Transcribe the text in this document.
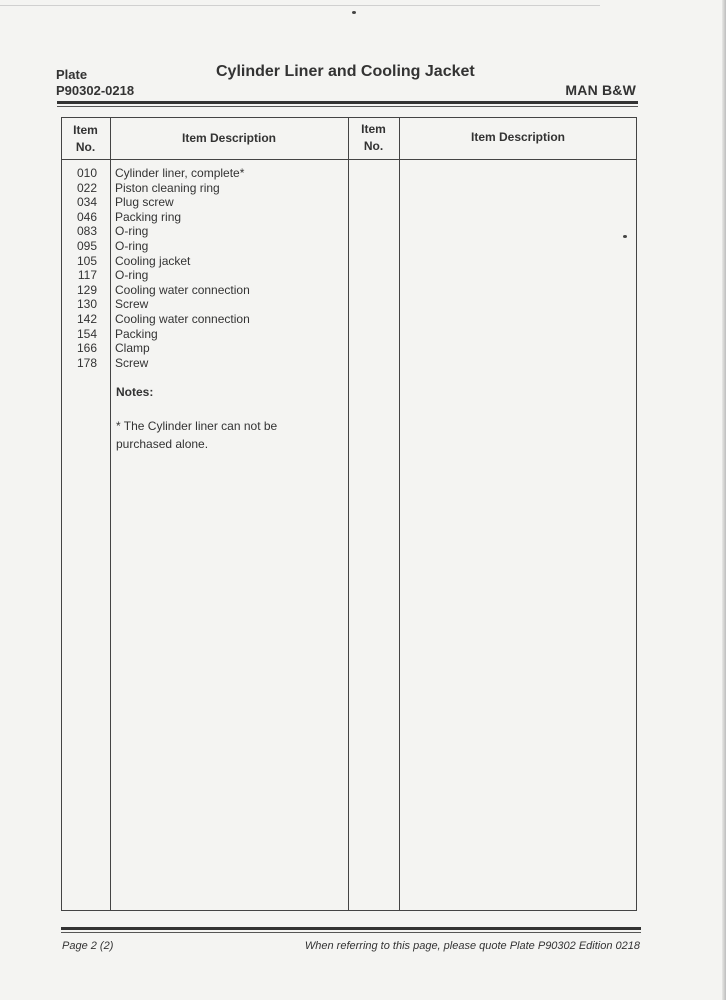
Plate
P90302-0218
Cylinder Liner and Cooling Jacket
MAN B&W
Item
No.
Item Description
Item
No.
Item Description
010 Cylinder liner, complete*
022 Piston cleaning ring
034 Plug screw
046 Packing ring
083 O-ring
095 O-ring
105 Cooling jacket
117 O-ring
129 Cooling water connection
130 Screw
142 Cooling water connection
154 Packing
166 Clamp
178 Screw
Notes:
* The Cylinder liner can not be
purchased alone.
Page 2 (2)	When referring to this page, please quote Plate P90302 Edition 0218
